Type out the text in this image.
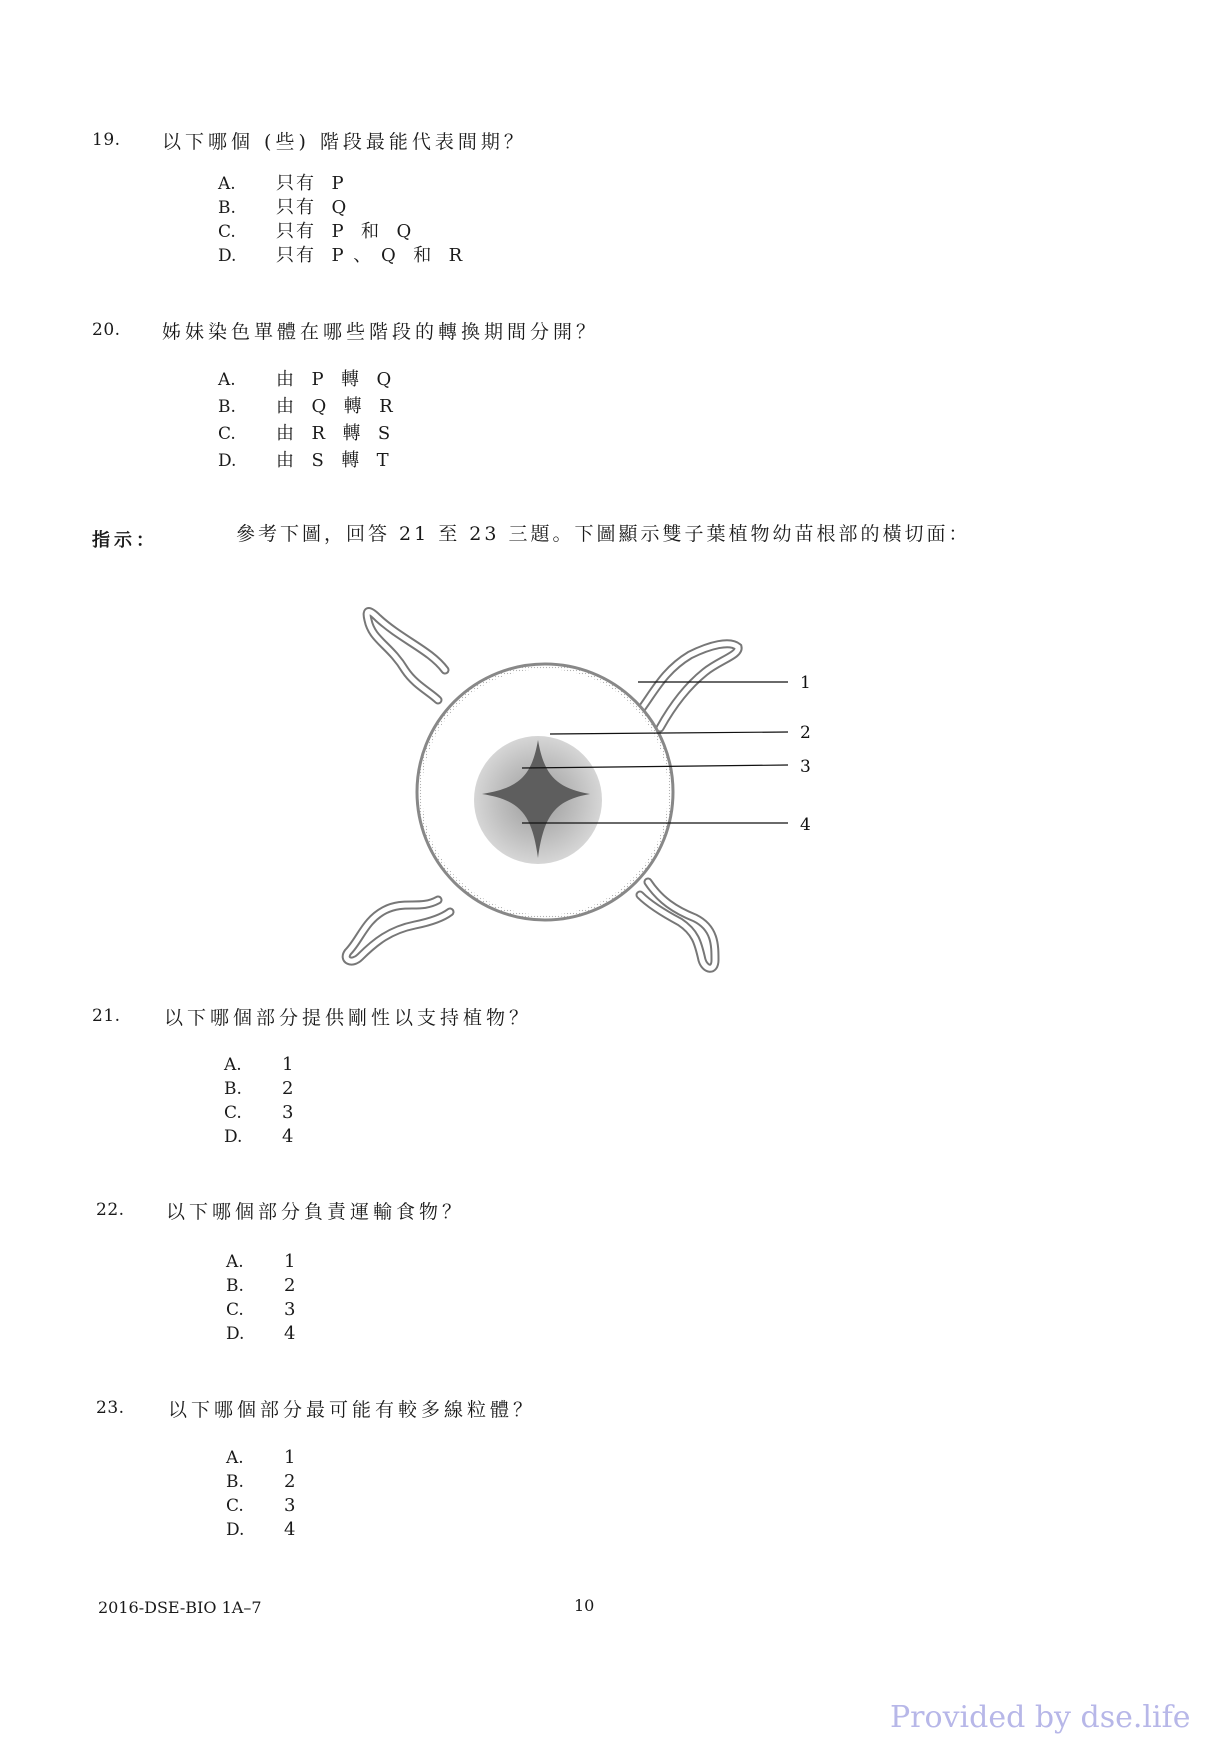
19. 以下哪個 (些) 階段最能代表間期？
A. 只有  P
B. 只有  Q
C. 只有  P  和  Q
D. 只有  P 、 Q  和  R
20. 姊妹染色單體在哪些階段的轉換期間分開？
A. 由  P  轉  Q
B. 由  Q  轉  R
C. 由  R  轉  S
D. 由  S  轉  T
指示：	參考下圖，回答 21 至 23 三題。下圖顯示雙子葉植物幼苗根部的橫切面：
1
2
3
4
21. 以下哪個部分提供剛性以支持植物？
A. 1
B. 2
C. 3
D. 4
22. 以下哪個部分負責運輸食物？
A. 1
B. 2
C. 3
D. 4
23. 以下哪個部分最可能有較多線粒體？
A. 1
B. 2
C. 3
D. 4
2016-DSE-BIO 1A–7	10
Provided by dse.life
